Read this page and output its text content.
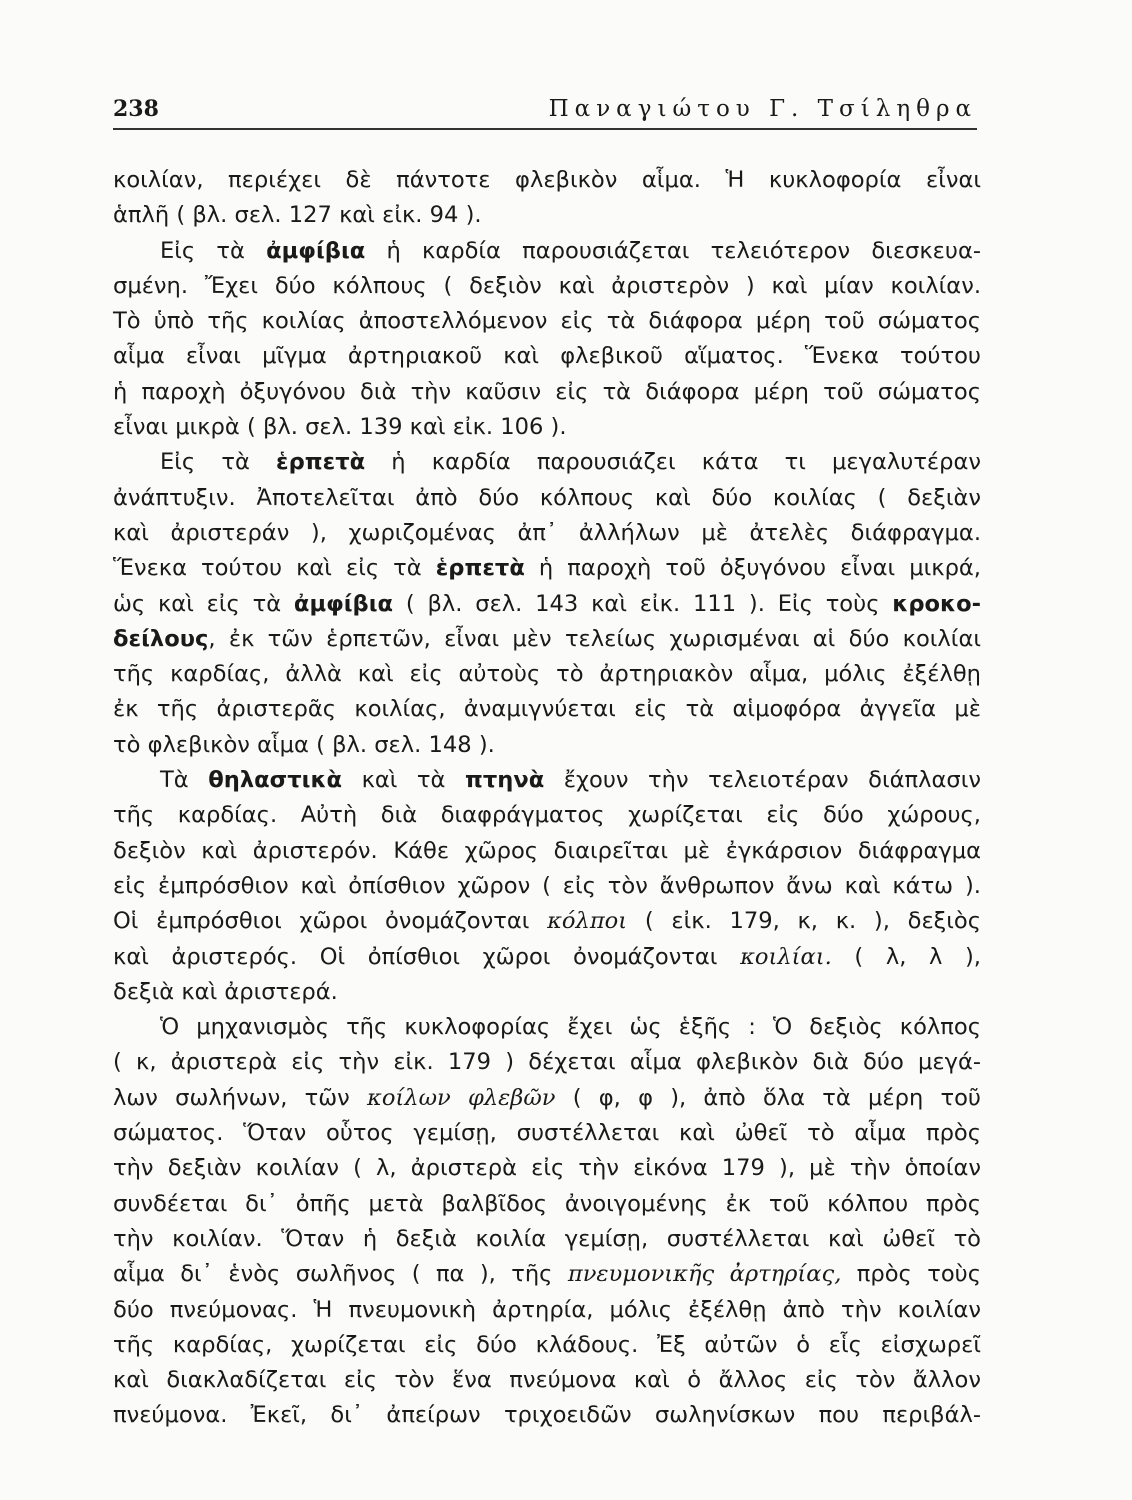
238	Παναγιώτου Γ. Τσίληθρα
κοιλίαν, περιέχει δὲ πάντοτε φλεβικὸν αἷμα. Ἡ κυκλοφορία εἶναι
ἁπλῆ ( βλ. σελ. 127 καὶ εἰκ. 94 ).
Εἰς τὰ ἀμφίβια ἡ καρδία παρουσιάζεται τελειότερον διεσκευα-
σμένη. Ἔχει δύο κόλπους ( δεξιὸν καὶ ἀριστερὸν ) καὶ μίαν κοιλίαν.
Τὸ ὑπὸ τῆς κοιλίας ἀποστελλόμενον εἰς τὰ διάφορα μέρη τοῦ σώματος
αἷμα εἶναι μῖγμα ἀρτηριακοῦ καὶ φλεβικοῦ αἵματος. Ἕνεκα τούτου
ἡ παροχὴ ὀξυγόνου διὰ τὴν καῦσιν εἰς τὰ διάφορα μέρη τοῦ σώματος
εἶναι μικρὰ ( βλ. σελ. 139 καὶ εἰκ. 106 ).
Εἰς τὰ ἑρπετὰ ἡ καρδία παρουσιάζει κάτα τι μεγαλυτέραν
ἀνάπτυξιν. Ἀποτελεῖται ἀπὸ δύο κόλπους καὶ δύο κοιλίας ( δεξιὰν
καὶ ἀριστεράν ), χωριζομένας ἀπ᾽ ἀλλήλων μὲ ἀτελὲς διάφραγμα.
Ἕνεκα τούτου καὶ εἰς τὰ ἑρπετὰ ἡ παροχὴ τοῦ ὀξυγόνου εἶναι μικρά,
ὡς καὶ εἰς τὰ ἀμφίβια ( βλ. σελ. 143 καὶ εἰκ. 111 ). Εἰς τοὺς κροκο-
δείλους, ἐκ τῶν ἑρπετῶν, εἶναι μὲν τελείως χωρισμέναι αἱ δύο κοιλίαι
τῆς καρδίας, ἀλλὰ καὶ εἰς αὐτοὺς τὸ ἀρτηριακὸν αἷμα, μόλις ἐξέλθῃ
ἐκ τῆς ἀριστερᾶς κοιλίας, ἀναμιγνύεται εἰς τὰ αἱμοφόρα ἀγγεῖα μὲ
τὸ φλεβικὸν αἷμα ( βλ. σελ. 148 ).
Τὰ θηλαστικὰ καὶ τὰ πτηνὰ ἔχουν τὴν τελειοτέραν διάπλασιν
τῆς καρδίας. Αὐτὴ διὰ διαφράγματος χωρίζεται εἰς δύο χώρους,
δεξιὸν καὶ ἀριστερόν. Κάθε χῶρος διαιρεῖται μὲ ἐγκάρσιον διάφραγμα
εἰς ἐμπρόσθιον καὶ ὀπίσθιον χῶρον ( εἰς τὸν ἄνθρωπον ἄνω καὶ κάτω ).
Οἱ ἐμπρόσθιοι χῶροι ὀνομάζονται κόλποι ( εἰκ. 179, κ, κ. ), δεξιὸς
καὶ ἀριστερός. Οἱ ὀπίσθιοι χῶροι ὀνομάζονται κοιλίαι. ( λ, λ ),
δεξιὰ καὶ ἀριστερά.
Ὁ μηχανισμὸς τῆς κυκλοφορίας ἔχει ὡς ἑξῆς : Ὁ δεξιὸς κόλπος
( κ, ἀριστερὰ εἰς τὴν εἰκ. 179 ) δέχεται αἷμα φλεβικὸν διὰ δύο μεγά-
λων σωλήνων, τῶν κοίλων φλεβῶν ( φ, φ ), ἀπὸ ὅλα τὰ μέρη τοῦ
σώματος. Ὅταν οὗτος γεμίσῃ, συστέλλεται καὶ ὠθεῖ τὸ αἷμα πρὸς
τὴν δεξιὰν κοιλίαν ( λ, ἀριστερὰ εἰς τὴν εἰκόνα 179 ), μὲ τὴν ὁποίαν
συνδέεται δι᾽ ὀπῆς μετὰ βαλβῖδος ἀνοιγομένης ἐκ τοῦ κόλπου πρὸς
τὴν κοιλίαν. Ὅταν ἡ δεξιὰ κοιλία γεμίσῃ, συστέλλεται καὶ ὠθεῖ τὸ
αἷμα δι᾽ ἑνὸς σωλῆνος ( πα ), τῆς πνευμονικῆς ἀρτηρίας, πρὸς τοὺς
δύο πνεύμονας. Ἡ πνευμονικὴ ἀρτηρία, μόλις ἐξέλθῃ ἀπὸ τὴν κοιλίαν
τῆς καρδίας, χωρίζεται εἰς δύο κλάδους. Ἐξ αὐτῶν ὁ εἷς εἰσχωρεῖ
καὶ διακλαδίζεται εἰς τὸν ἕνα πνεύμονα καὶ ὁ ἄλλος εἰς τὸν ἄλλον
πνεύμονα. Ἐκεῖ, δι᾽ ἀπείρων τριχοειδῶν σωληνίσκων που περιβάλ-
